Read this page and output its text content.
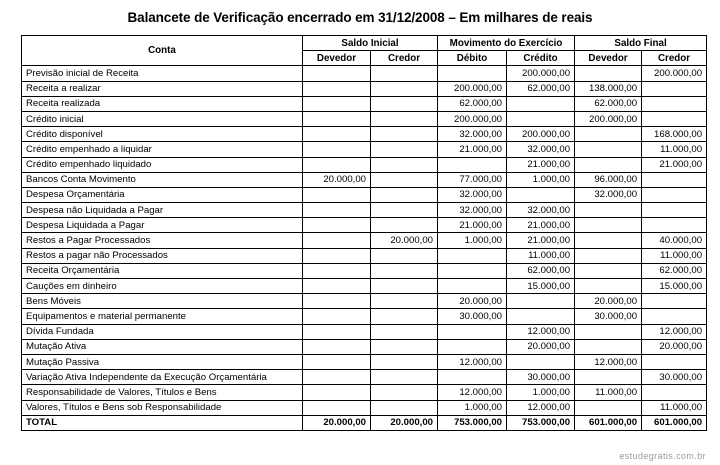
Balancete de Verificação encerrado em 31/12/2008 – Em milhares de reais
Conta	Saldo Inicial		Movimento do Exercício		Saldo Final	
	Devedor	Credor	Débito	Crédito	Devedor	Credor
Previsão inicial de Receita				200.000,00		200.000,00
Receita a realizar			200.000,00	62.000,00	138.000,00	
Receita realizada			62.000,00		62.000,00	
Crédito inicial			200.000,00		200.000,00	
Crédito disponível			32.000,00	200.000,00		168.000,00
Crédito empenhado a liquidar			21.000,00	32.000,00		11.000,00
Crédito empenhado liquidado				21.000,00		21.000,00
Bancos Conta Movimento	20.000,00		77.000,00	1.000,00	96.000,00	
Despesa Orçamentária			32.000,00		32.000,00	
Despesa não Liquidada a Pagar			32.000,00	32.000,00		
Despesa Liquidada a Pagar			21.000,00	21.000,00		
Restos a Pagar Processados		20.000,00	1.000,00	21.000,00		40.000,00
Restos a pagar não Processados				11.000,00		11.000,00
Receita Orçamentária				62.000,00		62.000,00
Cauções em dinheiro				15.000,00		15.000,00
Bens Móveis			20.000,00		20.000,00	
Equipamentos e material permanente			30.000,00		30.000,00	
Dívida Fundada				12.000,00		12.000,00
Mutação Ativa				20.000,00		20.000,00
Mutação Passiva			12.000,00		12.000,00	
Variação Ativa Independente da Execução Orçamentária				30.000,00		30.000,00
Responsabilidade de Valores, Títulos e Bens			12.000,00	1.000,00	11.000,00	
Valores, Títulos e Bens sob Responsabilidade			1.000,00	12.000,00		11.000,00
TOTAL	20.000,00	20.000,00	753.000,00	753.000,00	601.000,00	601.000,00
estudegratis.com.br
